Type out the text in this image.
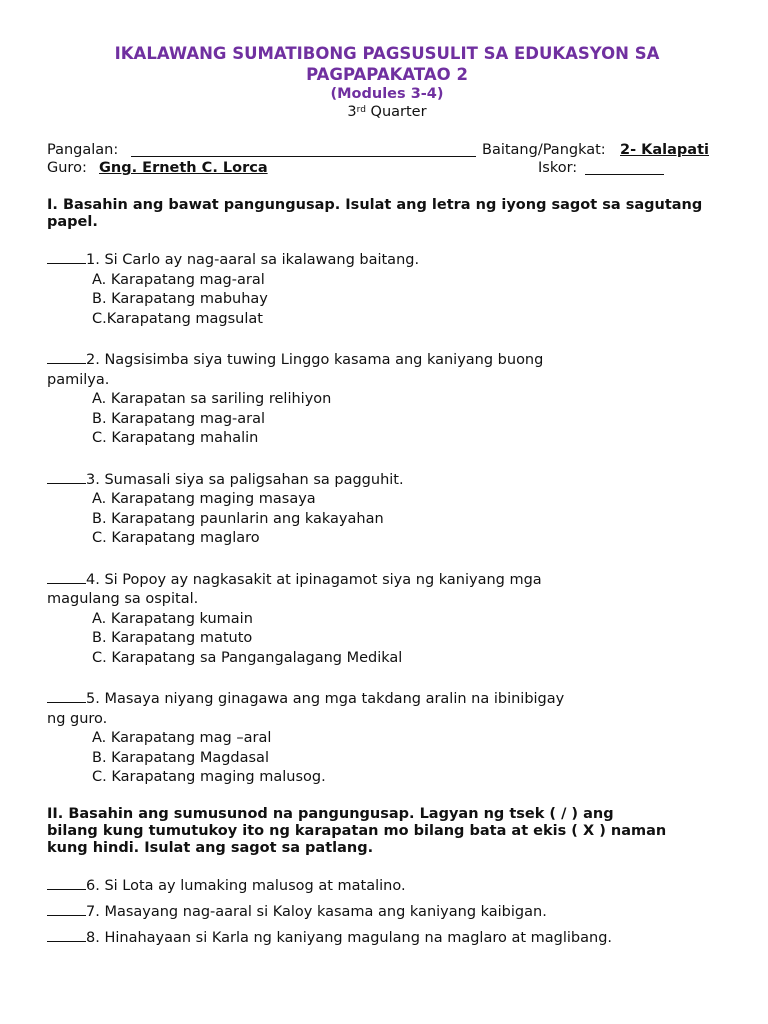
IKALAWANG SUMATIBONG PAGSUSULIT SA EDUKASYON SA PAGPAPAKATAO 2
(Modules 3-4)
3rd Quarter
Pangalan:	Baitang/Pangkat: 2- Kalapati
Guro: Gng. Erneth C. Lorca	Iskor:
I. Basahin ang bawat pangungusap. Isulat ang letra ng iyong sagot sa sagutang papel.
1. Si Carlo ay nag-aaral sa ikalawang baitang.
A. Karapatang mag-aral
B. Karapatang mabuhay
C.Karapatang magsulat
2. Nagsisimba siya tuwing Linggo kasama ang kaniyang buong
pamilya.
A. Karapatan sa sariling relihiyon
B. Karapatang mag-aral
C. Karapatang mahalin
3. Sumasali siya sa paligsahan sa pagguhit.
A. Karapatang maging masaya
B. Karapatang paunlarin ang kakayahan
C. Karapatang maglaro
4. Si Popoy ay nagkasakit at ipinagamot siya ng kaniyang mga
magulang sa ospital.
A. Karapatang kumain
B. Karapatang matuto
C. Karapatang sa Pangangalagang Medikal
5. Masaya niyang ginagawa ang mga takdang aralin na ibinibigay
ng guro.
A. Karapatang mag –aral
B. Karapatang Magdasal
C. Karapatang maging malusog.
II. Basahin ang sumusunod na pangungusap. Lagyan ng tsek ( / ) ang
bilang kung tumutukoy ito ng karapatan mo bilang bata at ekis ( X ) naman
kung hindi. Isulat ang sagot sa patlang.
6. Si Lota ay lumaking malusog at matalino.
7. Masayang nag-aaral si Kaloy kasama ang kaniyang kaibigan.
8. Hinahayaan si Karla ng kaniyang magulang na maglaro at maglibang.
